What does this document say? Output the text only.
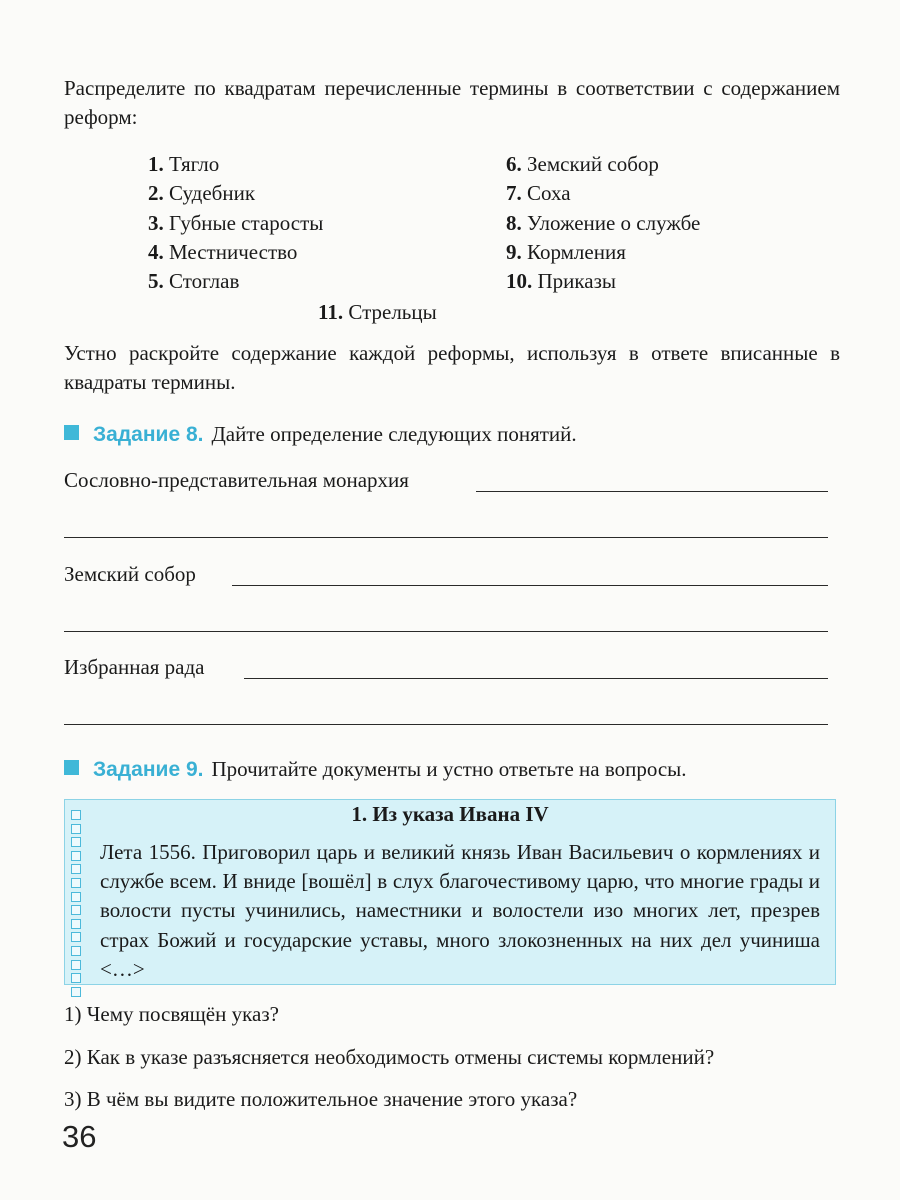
Распределите по квадратам перечисленные термины в соответствии с содержанием реформ:
1. Тягло
2. Судебник
3. Губные старосты
4. Местничество
5. Стоглав
6. Земский собор
7. Соха
8. Уложение о службе
9. Кормления
10. Приказы
11. Стрельцы
Устно раскройте содержание каждой реформы, используя в ответе вписанные в квадраты термины.
Задание 8. Дайте определение следующих понятий.
Сословно-представительная монархия
Земский собор
Избранная рада
Задание 9. Прочитайте документы и устно ответьте на вопросы.
1. Из указа Ивана IV
Лета 1556. Приговорил царь и великий князь Иван Васильевич о кормлениях и службе всем. И вниде [вошёл] в слух благочестивому царю, что многие грады и волости пусты учинились, наместники и волостели изо многих лет, презрев страх Божий и государские уставы, много злокозненных на них дел учиниша <…>
1) Чему посвящён указ?
2) Как в указе разъясняется необходимость отмены системы кормлений?
3) В чём вы видите положительное значение этого указа?
36
